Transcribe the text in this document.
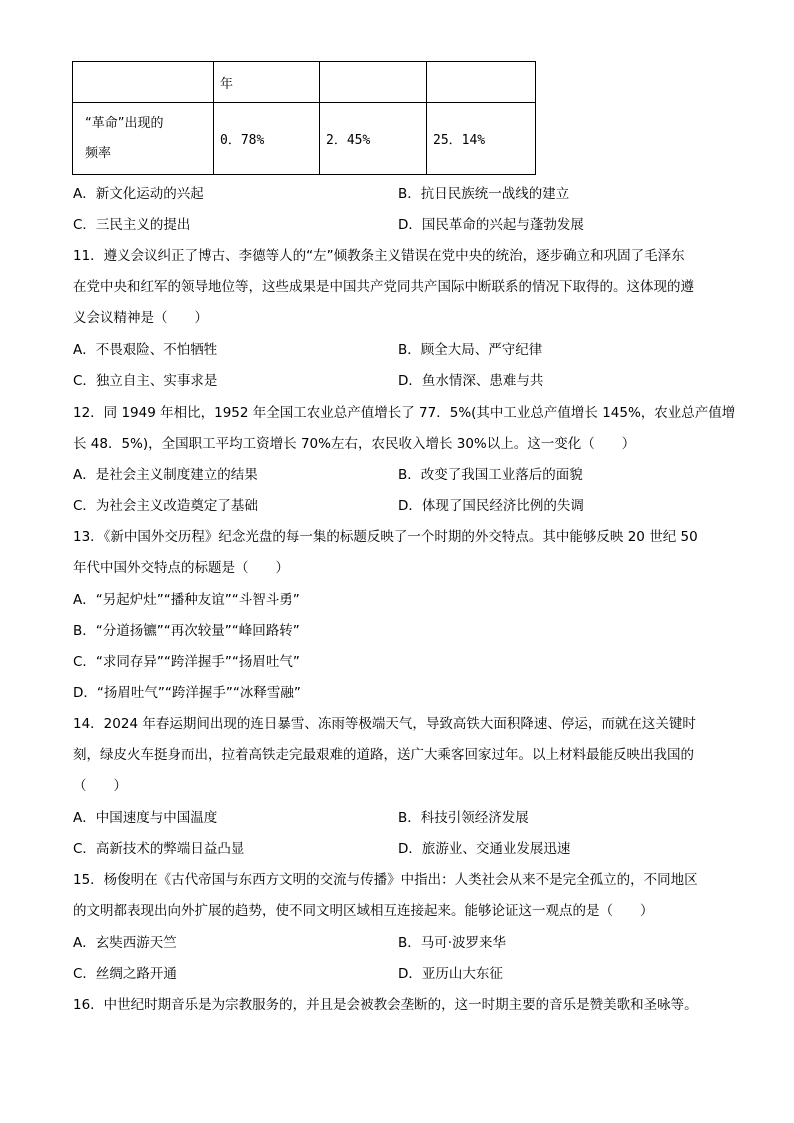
	年		

“革命”出现的
频率	0．78%	2．45%	25．14%
A．新文化运动的兴起	B．抗日民族统一战线的建立
C．三民主义的提出	D．国民革命的兴起与蓬勃发展
11．遵义会议纠正了博古、李德等人的“左”倾教条主义错误在党中央的统治，逐步确立和巩固了毛泽东
在党中央和红军的领导地位等，这些成果是中国共产党同共产国际中断联系的情况下取得的。这体现的遵
义会议精神是（　　）
A．不畏艰险、不怕牺牲	B．顾全大局、严守纪律
C．独立自主、实事求是	D．鱼水情深、患难与共
12．同 1949 年相比，1952 年全国工农业总产值增长了 77．5%(其中工业总产值增长 145%，农业总产值增
长 48．5%)，全国职工平均工资增长 70%左右，农民收入增长 30%以上。这一变化（　　）
A．是社会主义制度建立的结果	B．改变了我国工业落后的面貌
C．为社会主义改造奠定了基础	D．体现了国民经济比例的失调
13．《新中国外交历程》纪念光盘的每一集的标题反映了一个时期的外交特点。其中能够反映 20 世纪 50
年代中国外交特点的标题是（　　）
A．“另起炉灶”“播种友谊”“斗智斗勇”
B．“分道扬镳”“再次较量”“峰回路转”
C．“求同存异”“跨洋握手”“扬眉吐气”
D．“扬眉吐气”“跨洋握手”“冰释雪融”
14．2024 年春运期间出现的连日暴雪、冻雨等极端天气，导致高铁大面积降速、停运，而就在这关键时
刻，绿皮火车挺身而出，拉着高铁走完最艰难的道路，送广大乘客回家过年。以上材料最能反映出我国的
（　　）
A．中国速度与中国温度	B．科技引领经济发展
C．高新技术的弊端日益凸显	D．旅游业、交通业发展迅速
15．杨俊明在《古代帝国与东西方文明的交流与传播》中指出：人类社会从来不是完全孤立的，不同地区
的文明都表现出向外扩展的趋势，使不同文明区域相互连接起来。能够论证这一观点的是（　　）
A．玄奘西游天竺	B．马可·波罗来华
C．丝绸之路开通	D．亚历山大东征
16．中世纪时期音乐是为宗教服务的，并且是会被教会垄断的，这一时期主要的音乐是赞美歌和圣咏等。
